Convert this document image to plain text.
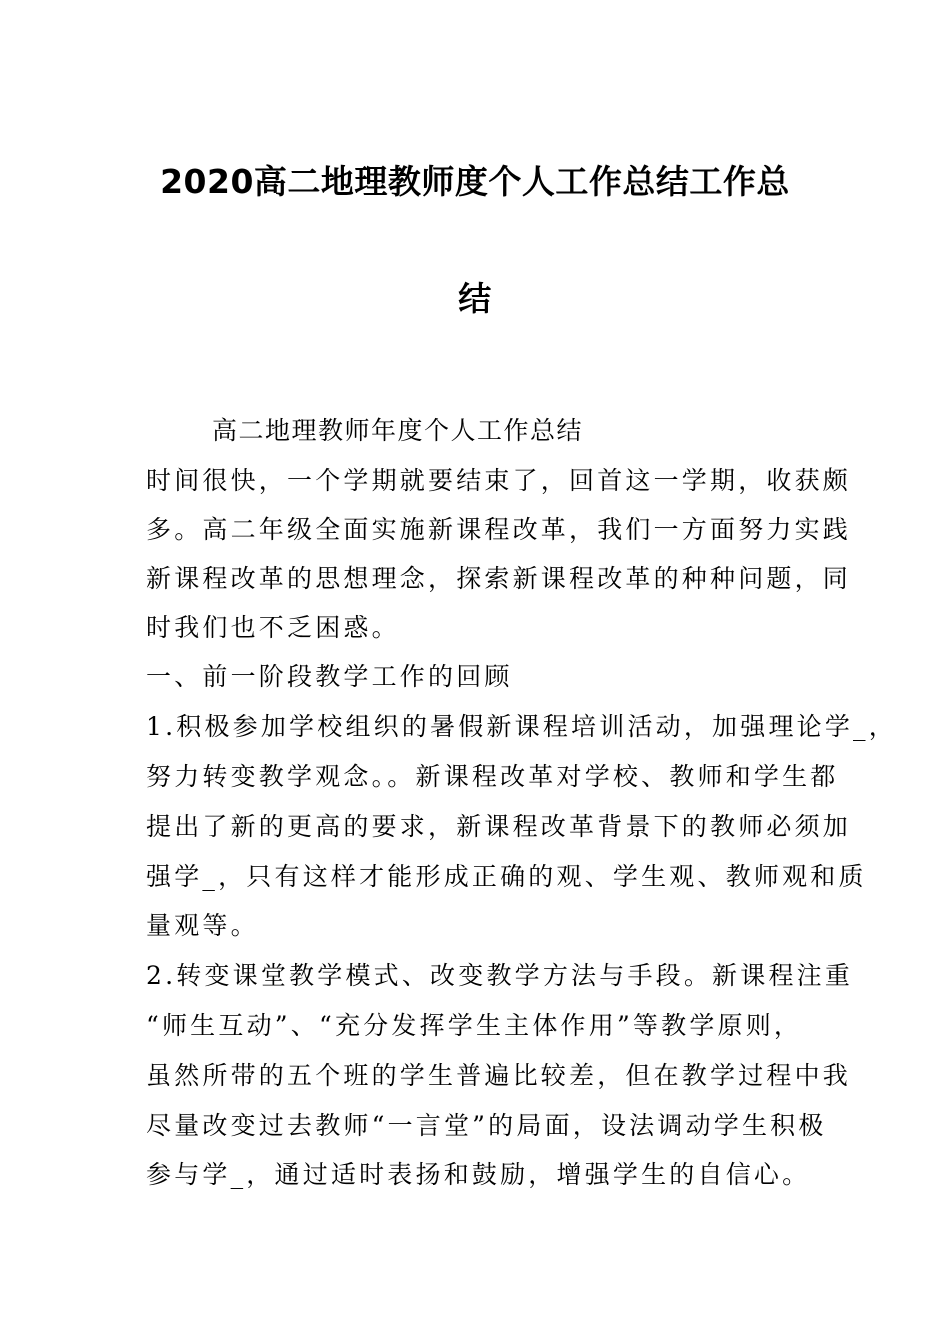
2020高二地理教师度个人工作总结工作总
结
高二地理教师年度个人工作总结
时间很快，一个学期就要结束了，回首这一学期，收获颇
多。高二年级全面实施新课程改革，我们一方面努力实践
新课程改革的思想理念，探索新课程改革的种种问题，同
时我们也不乏困惑。
一、前一阶段教学工作的回顾
1.积极参加学校组织的暑假新课程培训活动，加强理论学_，
努力转变教学观念。。新课程改革对学校、教师和学生都
提出了新的更高的要求，新课程改革背景下的教师必须加
强学_，只有这样才能形成正确的观、学生观、教师观和质
量观等。
2.转变课堂教学模式、改变教学方法与手段。新课程注重
“师生互动”、“充分发挥学生主体作用”等教学原则，
虽然所带的五个班的学生普遍比较差，但在教学过程中我
尽量改变过去教师“一言堂”的局面，设法调动学生积极
参与学_，通过适时表扬和鼓励，增强学生的自信心。
